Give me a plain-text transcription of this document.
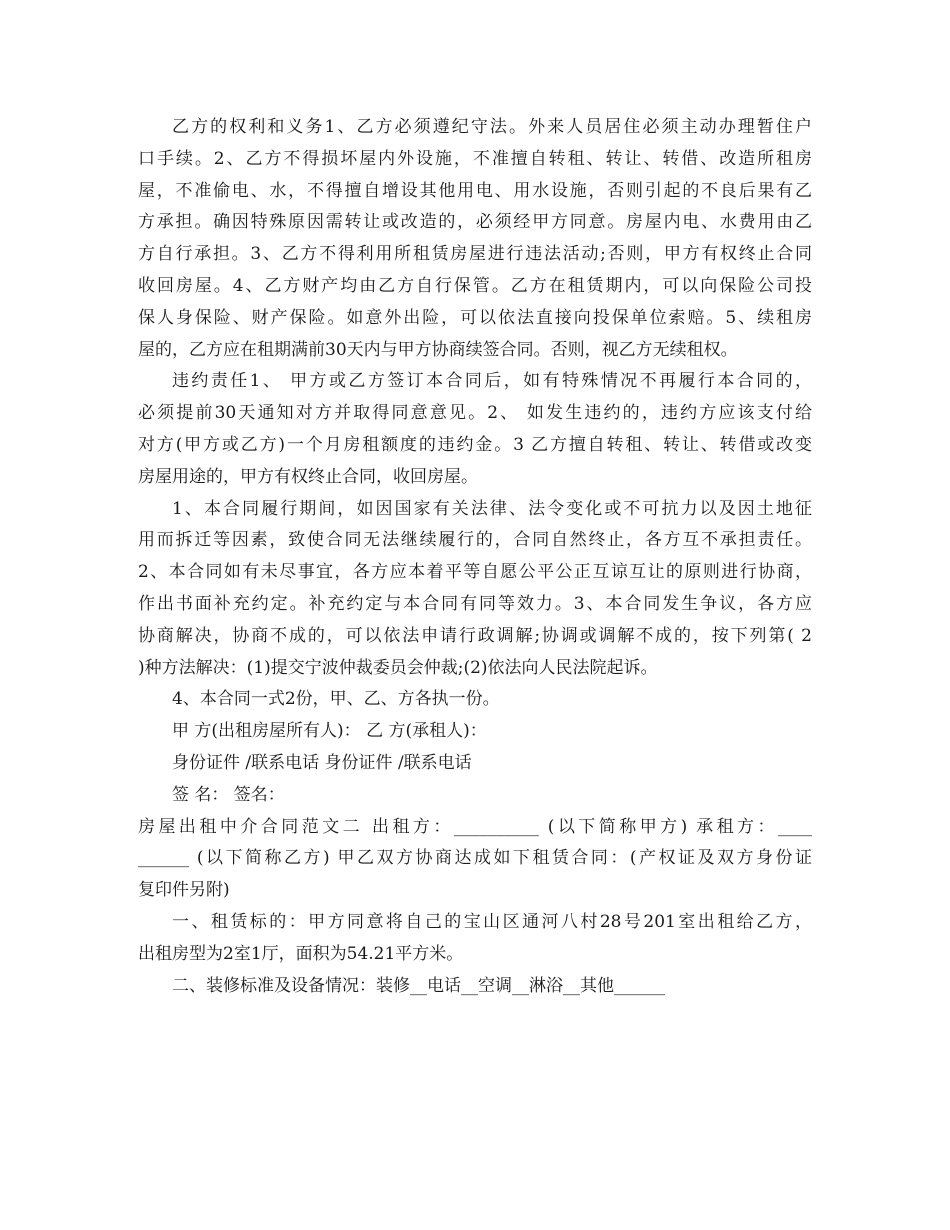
乙方的权利和义务1、乙方必须遵纪守法。外来人员居住必须主动办理暂住户
口手续。2、乙方不得损坏屋内外设施，不准擅自转租、转让、转借、改造所租房
屋，不准偷电、水，不得擅自增设其他用电、用水设施，否则引起的不良后果有乙
方承担。确因特殊原因需转让或改造的，必须经甲方同意。房屋内电、水费用由乙
方自行承担。3、乙方不得利用所租赁房屋进行违法活动;否则，甲方有权终止合同
收回房屋。4、乙方财产均由乙方自行保管。乙方在租赁期内，可以向保险公司投
保人身保险、财产保险。如意外出险，可以依法直接向投保单位索赔。5、续租房
屋的，乙方应在租期满前30天内与甲方协商续签合同。否则，视乙方无续租权。
违约责任1、 甲方或乙方签订本合同后，如有特殊情况不再履行本合同的，
必须提前30天通知对方并取得同意意见。2、 如发生违约的，违约方应该支付给
对方(甲方或乙方)一个月房租额度的违约金。3 乙方擅自转租、转让、转借或改变
房屋用途的，甲方有权终止合同，收回房屋。
1、本合同履行期间，如因国家有关法律、法令变化或不可抗力以及因土地征
用而拆迁等因素，致使合同无法继续履行的，合同自然终止，各方互不承担责任。
2、本合同如有未尽事宜，各方应本着平等自愿公平公正互谅互让的原则进行协商，
作出书面补充约定。补充约定与本合同有同等效力。3、本合同发生争议，各方应
协商解决，协商不成的，可以依法申请行政调解;协调或调解不成的，按下列第( 2
)种方法解决：(1)提交宁波仲裁委员会仲裁;(2)依法向人民法院起诉。
4、本合同一式2份，甲、乙、方各执一份。
甲 方(出租房屋所有人)： 乙 方(承租人)：
身份证件 /联系电话 身份证件 /联系电话
签 名： 签名：
房屋出租中介合同范文二 出租方：__________ (以下简称甲方) 承租方：____
______ (以下简称乙方) 甲乙双方协商达成如下租赁合同：(产权证及双方身份证
复印件另附)
一、租赁标的：甲方同意将自己的宝山区通河八村28号201室出租给乙方，
出租房型为2室1厅，面积为54.21平方米。
二、装修标准及设备情况：装修__电话__空调__淋浴__其他______
